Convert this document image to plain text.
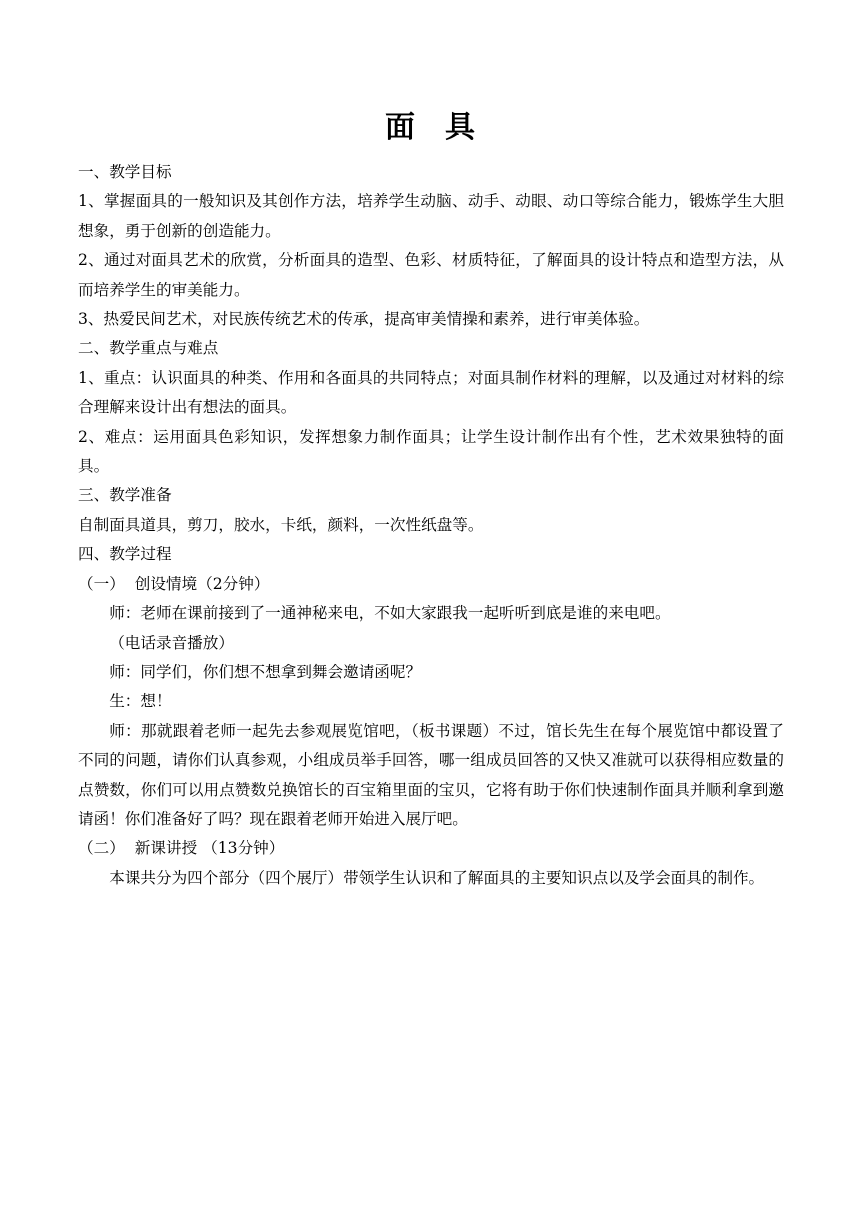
面具

一、教学目标

1、掌握面具的一般知识及其创作方法，培养学生动脑、动手、动眼、动口等综合能力，锻炼学生大胆想象，勇于创新的创造能力。

2、通过对面具艺术的欣赏，分析面具的造型、色彩、材质特征，了解面具的设计特点和造型方法，从而培养学生的审美能力。

3、热爱民间艺术，对民族传统艺术的传承，提高审美情操和素养，进行审美体验。

二、教学重点与难点

1、重点：认识面具的种类、作用和各面具的共同特点；对面具制作材料的理解，以及通过对材料的综合理解来设计出有想法的面具。

2、难点：运用面具色彩知识，发挥想象力制作面具；让学生设计制作出有个性，艺术效果独特的面具。

三、教学准备

自制面具道具，剪刀，胶水，卡纸，颜料，一次性纸盘等。

四、教学过程

（一） 创设情境（2分钟）

师：老师在课前接到了一通神秘来电，不如大家跟我一起听听到底是谁的来电吧。

（电话录音播放）

师：同学们，你们想不想拿到舞会邀请函呢？

生：想！

师：那就跟着老师一起先去参观展览馆吧，（板书课题）不过，馆长先生在每个展览馆中都设置了不同的问题，请你们认真参观，小组成员举手回答，哪一组成员回答的又快又准就可以获得相应数量的点赞数，你们可以用点赞数兑换馆长的百宝箱里面的宝贝，它将有助于你们快速制作面具并顺利拿到邀请函！你们准备好了吗？现在跟着老师开始进入展厅吧。

（二） 新课讲授 （13分钟）

本课共分为四个部分（四个展厅）带领学生认识和了解面具的主要知识点以及学会面具的制作。
